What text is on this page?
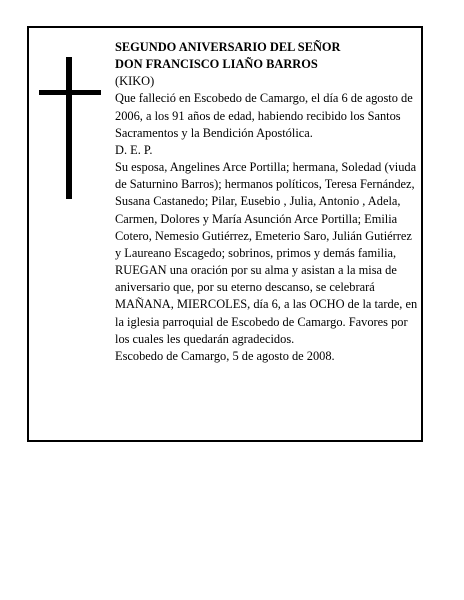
SEGUNDO ANIVERSARIO DEL SEÑOR

DON FRANCISCO LIAÑO BARROS

(KIKO)

Que falleció en Escobedo de Camargo, el día 6 de agosto de 2006, a los 91 años de edad, habiendo recibido los Santos Sacramentos y la Bendición Apostólica.

D. E. P.

Su esposa, Angelines Arce Portilla; hermana, Soledad (viuda de Saturnino Barros); hermanos políticos, Teresa Fernández, Susana Castanedo; Pilar, Eusebio , Julia, Antonio , Adela, Carmen, Dolores y María Asunción Arce Portilla; Emilia Cotero, Nemesio Gutiérrez, Emeterio Saro, Julián Gutiérrez y Laureano Escagedo; sobrinos, primos y demás familia,

RUEGAN una oración por su alma y asistan a la misa de aniversario que, por su eterno descanso, se celebrará MAÑANA, MIERCOLES, día 6, a las OCHO de la tarde, en la iglesia parroquial de Escobedo de Camargo. Favores por los cuales les quedarán agradecidos.

Escobedo de Camargo, 5 de agosto de 2008.
